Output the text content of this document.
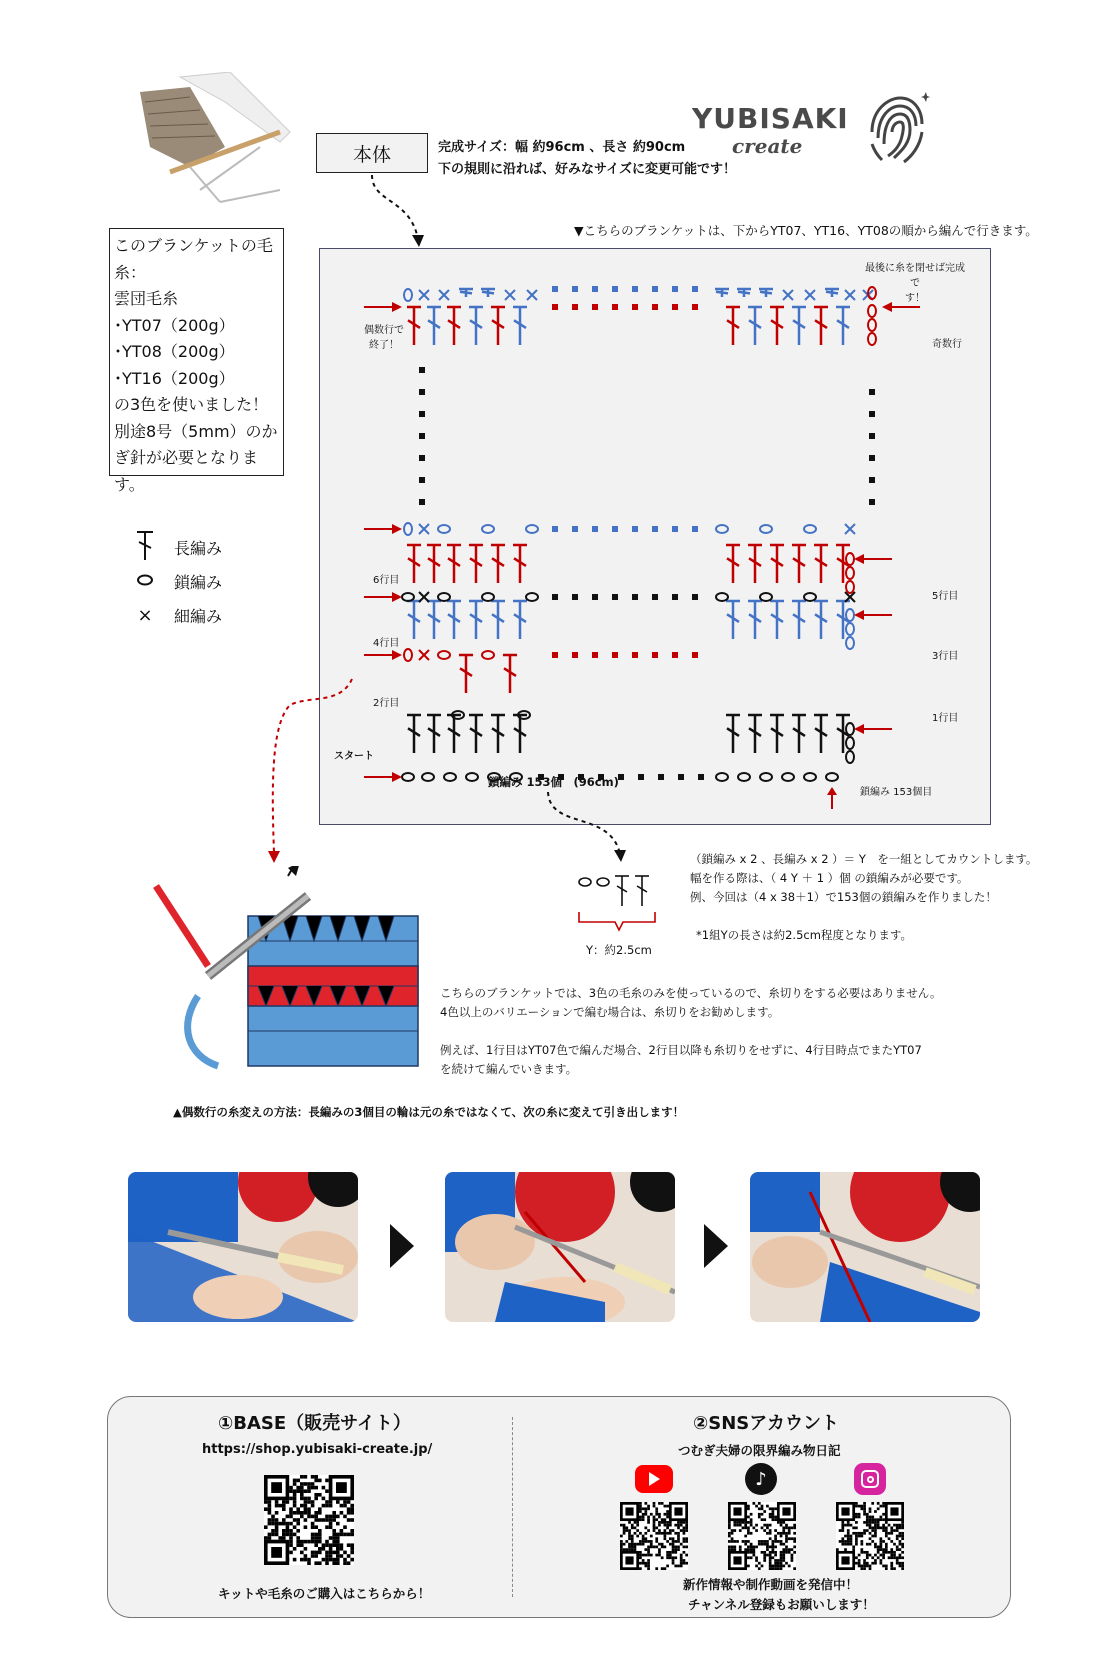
YUBISAKI
create
本体	完成サイズ：幅 約96cm 、長さ 約90cm
下の規則に沿れば、好みなサイズに変更可能です！
▼こちらのブランケットは、下からYT07、YT16、YT08の順から編んで行きます。
このブランケットの毛糸：
雲団毛糸
･YT07（200g）
･YT08（200g）
･YT16（200g）
の3色を使いました！
別途8号（5mm）のか
ぎ針が必要となります。
長編み
鎖編み
×	細編み
最後に糸を閉せば完成で
す！
偶数行で
終了！	奇数行
6行目
5行目
4行目
3行目
2行目
1行目
スタート
鎖編み 153個　(96cm)
鎖編み 153個目
Y：約2.5cm
（鎖編み x 2 、長編み x 2 ）＝ Y　を一組としてカウントします。
幅を作る際は、（ 4 Y ＋ 1 ）個 の鎖編みが必要です。
例、今回は（4 x 38＋1）で153個の鎖編みを作りました！
*1組Yの長さは約2.5cm程度となります。
こちらのブランケットでは、3色の毛糸のみを使っているので、糸切りをする必要はありません。
4色以上のバリエーションで編む場合は、糸切りをお勧めします。
例えば、1行目はYT07色で編んだ場合、2行目以降も糸切りをせずに、4行目時点でまたYT07
を続けて編んでいきます。
▲偶数行の糸変えの方法：長編みの3個目の輪は元の糸ではなくて、次の糸に変えて引き出します！
①BASE（販売サイト）
https://shop.yubisaki-create.jp/
キットや毛糸のご購入はこちらから！
②SNSアカウント
つむぎ夫婦の限界編み物日記
♪
新作情報や制作動画を発信中！
チャンネル登録もお願いします！
